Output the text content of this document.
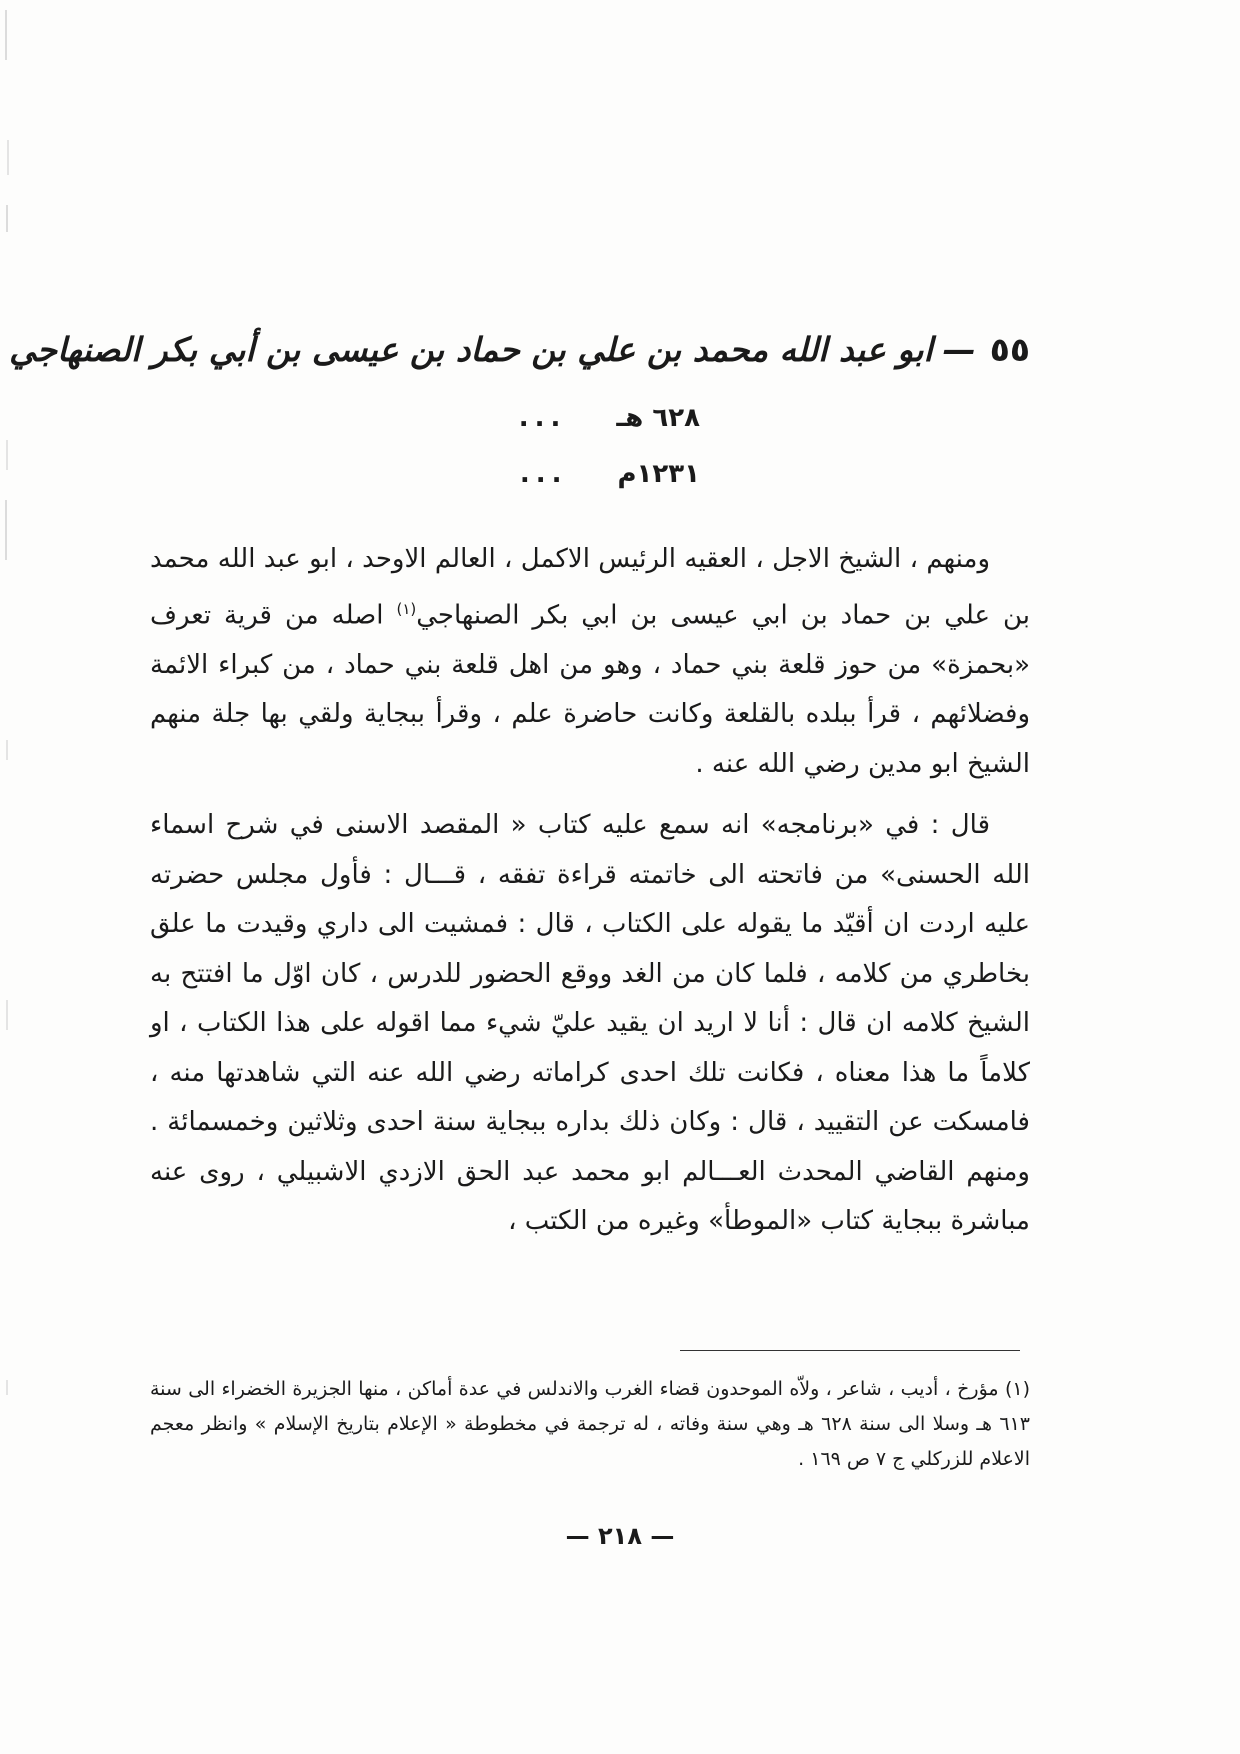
٥٥—ابو عبد الله محمد بن علي بن حماد بن عيسى بن أبي بكر الصنهاجي
٦٢٨ هـ
...
١٢٣١م
...

ومنهم ، الشيخ الاجل ، العقيه الرئيس الاكمل ، العالم الاوحد ، ابو عبد الله محمد بن علي بن حماد بن ابي عيسى بن ابي بكر الصنهاجي$^{(١)}$ اصله من قرية تعرف «بحمزة» من حوز قلعة بني حماد ، وهو من اهل قلعة بني حماد ، من كبراء الائمة وفضلائهم ، قرأ ببلده بالقلعة وكانت حاضرة علم ، وقرأ ببجاية ولقي بها جلة منهم الشيخ ابو مدين رضي الله عنه .

قال : في «برنامجه» انه سمع عليه كتاب « المقصد الاسنى في شرح اسماء الله الحسنى» من فاتحته الى خاتمته قراءة تفقه ، قـــال : فأول مجلس حضرته عليه اردت ان أقيّد ما يقوله على الكتاب ، قال : فمشيت الى داري وقيدت ما علق بخاطري من كلامه ، فلما كان من الغد ووقع الحضور للدرس ، كان اوّل ما افتتح به الشيخ كلامه ان قال : أنا لا اريد ان يقيد عليّ شيء مما اقوله على هذا الكتاب ، او كلاماً ما هذا معناه ، فكانت تلك احدى كراماته رضي الله عنه التي شاهدتها منه ، فامسكت عن التقييد ، قال : وكان ذلك بداره ببجاية سنة احدى وثلاثين وخمسمائة . ومنهم القاضي المحدث العـــالم ابو محمد عبد الحق الازدي الاشبيلي ، روى عنه مباشرة ببجاية كتاب «الموطأ» وغيره من الكتب ،

(١) مؤرخ ، أديب ، شاعر ، ولاّه الموحدون قضاء الغرب والاندلس في عدة أماكن ، منها الجزيرة الخضراء الى سنة ٦١٣ هـ وسلا الى سنة ٦٢٨ هـ وهي سنة وفاته ، له ترجمة في مخطوطة « الإعلام بتاريخ الإسلام » وانظر معجم الاعلام للزركلي ج ٧ ص ١٦٩ .
— ٢١٨ —
